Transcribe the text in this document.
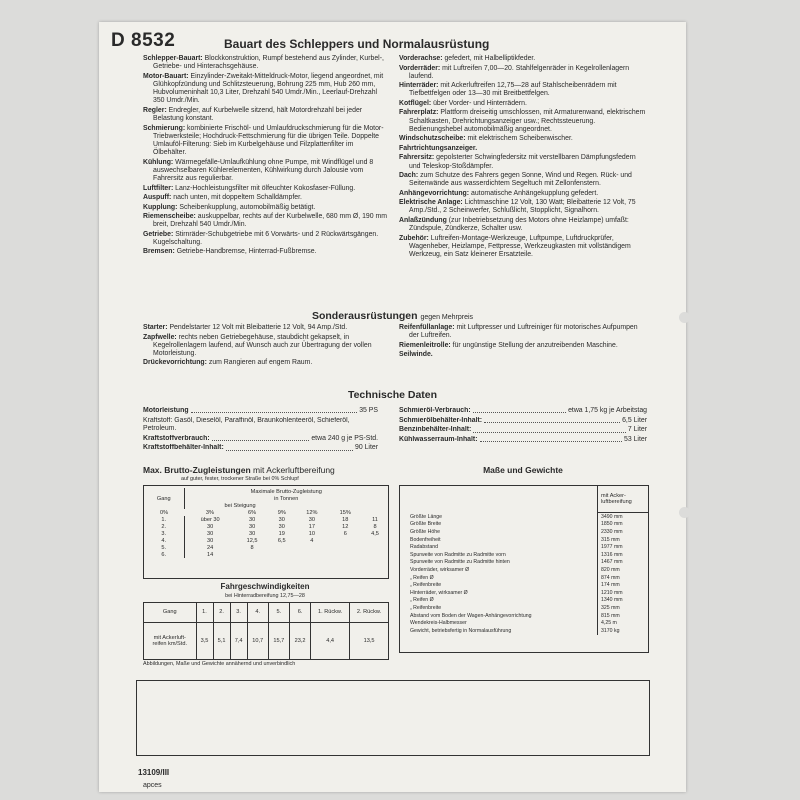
D 8532	Bauart des Schleppers und Normalausrüstung

Schlepper-Bauart: Blockkonstruktion, Rumpf bestehend aus Zylinder, Kurbel-, Getriebe- und Hinterachsgehäuse.

Motor-Bauart: Einzylinder-Zweitakt-Mitteldruck-Motor, liegend angeordnet, mit Glühkopfzündung und Schlitzsteuerung, Bohrung 225 mm, Hub 260 mm, Hubvolumeninhalt 10,3 Liter, Drehzahl 540 Umdr./Min., Leerlauf-Drehzahl 350 Umdr./Min.

Regler: Endregler, auf Kurbelwelle sitzend, hält Motordrehzahl bei jeder Belastung konstant.

Schmierung: kombinierte Frischöl- und Umlaufdruckschmierung für die Motor-Triebwerksteile; Hochdruck-Fettschmierung für die übrigen Teile. Doppelte Umlauföl-Filterung: Sieb im Kurbelgehäuse und Filzplattenfilter im Ölbehälter.

Kühlung: Wärmegefälle-Umlaufkühlung ohne Pumpe, mit Windflügel und 8 auswechselbaren Kühlerelementen, Kühlwirkung durch Jalousie vom Fahrersitz aus regulierbar.

Luftfilter: Lanz-Hochleistungsfilter mit ölfeuchter Kokosfaser-Füllung.

Auspuff: nach unten, mit doppeltem Schalldämpfer.

Kupplung: Scheibenkupplung, automobilmäßig betätigt.

Riemenscheibe: auskuppelbar, rechts auf der Kurbelwelle, 680 mm Ø, 190 mm breit, Drehzahl 540 Umdr./Min.

Getriebe: Stirnräder-Schubgetriebe mit 6 Vorwärts- und 2 Rückwärtsgängen. Kugelschaltung.

Bremsen: Getriebe-Handbremse, Hinterrad-Fußbremse.

Vorderachse: gefedert, mit Halbelliptikfeder.

Vorderräder: mit Luftreifen 7,00—20. Stahlfelgenräder in Kegelrollenlagern laufend.

Hinterräder: mit Ackerluftreifen 12,75—28 auf Stahlscheibenrädern mit Tiefbettfelgen oder 13—30 mit Breitbettfelgen.

Kotflügel: über Vorder- und Hinterrädern.

Fahrerplatz: Plattform dreiseitig umschlossen, mit Armaturenwand, elektrischem Schaltkasten, Drehrichtungsanzeiger usw.; Rechtssteuerung. Bedienungshebel automobilmäßig angeordnet.

Windschutzscheibe: mit elektrischem Scheibenwischer.

Fahrtrichtungsanzeiger.

Fahrersitz: gepolsterter Schwingfedersitz mit verstellbaren Dämpfungsfedern und Teleskop-Stoßdämpfer.

Dach: zum Schutze des Fahrers gegen Sonne, Wind und Regen. Rück- und Seitenwände aus wasserdichtem Segeltuch mit Zellonfenstern.

Anhängevorrichtung: automatische Anhängekupplung gefedert.

Elektrische Anlage: Lichtmaschine 12 Volt, 130 Watt; Bleibatterie 12 Volt, 75 Amp./Std., 2 Scheinwerfer, Schlußlicht, Stopplicht, Signalhorn.

Anlaßzündung (zur Inbetriebsetzung des Motors ohne Heizlampe) umfaßt: Zündspule, Zündkerze, Schalter usw.

Zubehör: Luftreifen-Montage-Werkzeuge, Luftpumpe, Luftdruckprüfer, Wagenheber, Heizlampe, Fettpresse, Werkzeugkasten mit vollständigem Werkzeug, ein Satz kleinerer Ersatzteile.

Sonderausrüstungen gegen Mehrpreis

Starter: Pendelstarter 12 Volt mit Bleibatterie 12 Volt, 94 Amp./Std.

Zapfwelle: rechts neben Getriebegehäuse, staubdicht gekapselt, in Kegelrollenlagern laufend, auf Wunsch auch zur Übertragung der vollen Motorleistung.

Drückevorrichtung: zum Rangieren auf engem Raum.

Reifenfüllanlage: mit Luftpresser und Luftreiniger für motorisches Aufpumpen der Luftreifen.

Riemenleitrolle: für ungünstige Stellung der anzutreibenden Maschine.

Seilwinde.

Technische Daten
Motorleistung	35 PS
Kraftstoff: Gasöl, Dieselöl, Paraffinöl, Braunkohlenteeröl, Schieferöl, Petroleum.
Kraftstoffverbrauch:	etwa 240 g je PS-Std.
Kraftstoffbehälter-Inhalt:	90 Liter
Schmieröl-Verbrauch:	etwa 1,75 kg je Arbeitstag
Schmierölbehälter-Inhalt:	6,5 Liter
Benzinbehälter-Inhalt:	7 Liter
Kühlwasserraum-Inhalt:	53 Liter
Max. Brutto-Zugleistungen mit Ackerluftbereifung
auf guter, fester, trockener Straße bei 0% Schlupf
Gang	Maximale Brutto-Zugleistung					
	in Tonnen					
	bei Steigung					
0%	3%	6%	9%	12%	15%	
1.	über 30	30	30	30	18	11
2.	30	30	30	17	12	8
3.	30	30	19	10	6	4,5
4.	30	12,5	6,5	4		
5.	24	8				
6.	14					
Fahrgeschwindigkeiten
bei Hinterradbereifung 12,75—28
Gang	1.	2.	3.	4.	5.	6.	1. Rückw.	2. Rückw.

mit Ackerluft-
reifen km/Std.	3,5	5,1	7,4	10,7	15,7	23,2	4,4	13,5
Abbildungen, Maße und Gewichte annähernd und unverbindlich
Maße und Gewichte

	mit Acker-
luftbereifung

Größte Länge	3490 mm
Größte Breite	1850 mm
Größte Höhe	2330 mm
Bodenfreiheit	315 mm
Radabstand	1977 mm
Spurweite von Radmitte zu Radmitte vorn	1316 mm
Spurweite von Radmitte zu Radmitte hinten	1467 mm
Vorderräder, wirksamer Ø	820 mm
„ Reifen Ø	874 mm
„ Reifenbreite	174 mm
Hinterräder, wirksamer Ø	1210 mm
„ Reifen Ø	1340 mm
„ Reifenbreite	325 mm
Abstand vom Boden der Wagen-Anhängevorrichtung	815 mm
Wendekreis-Halbmesser	4,25 m
Gewicht, betriebsfertig in Normalausführung	3170 kg
13109/III
apces
